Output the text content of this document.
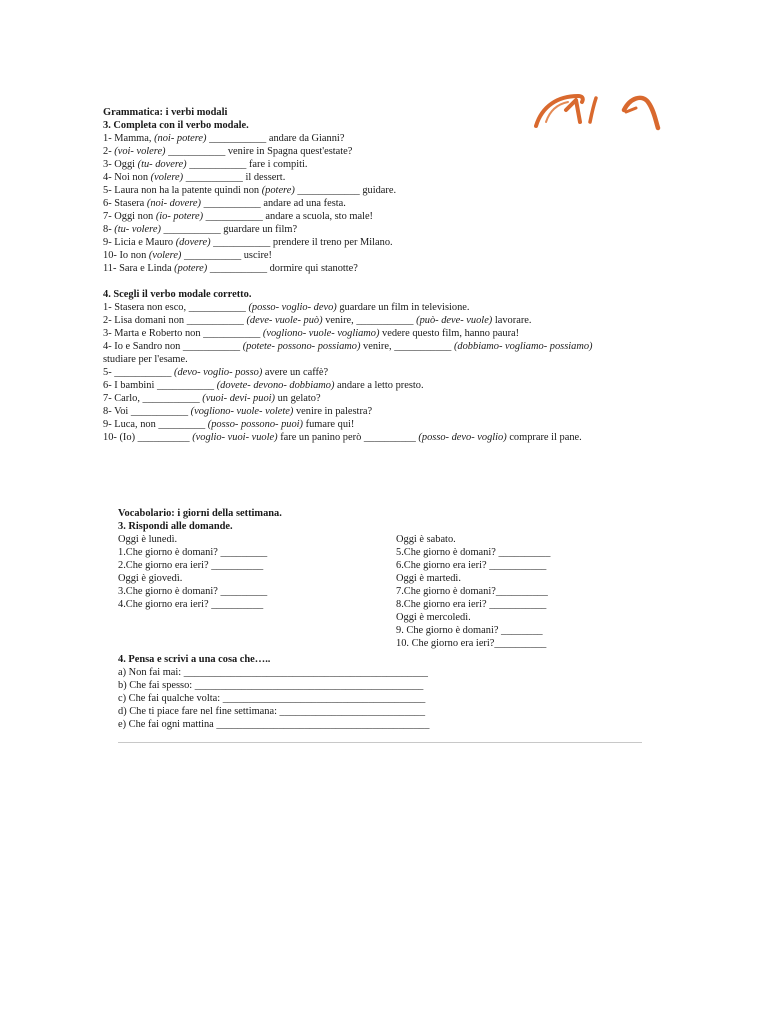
Grammatica: i verbi modali
3. Completa con il verbo modale.
1- Mamma, (noi- potere) ___________ andare da Gianni?
2- (voi- volere) ___________ venire in Spagna quest'estate?
3- Oggi (tu- dovere) ___________ fare i compiti.
4- Noi non (volere) ___________ il dessert.
5- Laura non ha la patente quindi non (potere) ____________ guidare.
6- Stasera (noi- dovere) ___________ andare ad una festa.
7- Oggi non (io- potere) ___________ andare a scuola, sto male!
8- (tu- volere) ___________ guardare un film?
9- Licia e Mauro (dovere) ___________ prendere il treno per Milano.
10- Io non (volere) ___________ uscire!
11- Sara e Linda (potere) ___________ dormire qui stanotte?
4. Scegli il verbo modale corretto.
1- Stasera non esco, ___________ (posso- voglio- devo) guardare un film in televisione.
2- Lisa domani non ___________ (deve- vuole- può) venire, ___________ (può- deve- vuole) lavorare.
3- Marta e Roberto non ___________ (vogliono- vuole- vogliamo) vedere questo film, hanno paura!
4- Io e Sandro non ___________ (potete- possono- possiamo) venire, ___________ (dobbiamo- vogliamo- possiamo)
studiare per l'esame.
5- ___________ (devo- voglio- posso) avere un caffè?
6- I bambini ___________ (dovete- devono- dobbiamo) andare a letto presto.
7- Carlo, ___________ (vuoi- devi- puoi) un gelato?
8- Voi ___________ (vogliono- vuole- volete) venire in palestra?
9- Luca, non _________ (posso- possono- puoi) fumare qui!
10- (Io) __________ (voglio- vuoi- vuole) fare un panino però __________ (posso- devo- voglio) comprare il pane.
Vocabolario: i giorni della settimana.
3. Rispondi alle domande.
Oggi è lunedì.
1.Che giorno è domani? _________
2.Che giorno era ieri? __________
Oggi è giovedì.
3.Che giorno è domani? _________
4.Che giorno era ieri? __________
Oggi è sabato.
5.Che giorno è domani? __________
6.Che giorno era ieri? ___________
Oggi è martedì.
7.Che giorno è domani?__________
8.Che giorno era ieri? ___________
Oggi è mercoledì.
9. Che giorno è domani? ________
10. Che giorno era ieri?__________
4. Pensa e scrivi a una cosa che…..
a) Non fai mai: _______________________________________________
b) Che fai spesso: ____________________________________________
c) Che fai qualche volta: _______________________________________
d) Che ti piace fare nel fine settimana: ____________________________
e) Che fai ogni mattina _________________________________________
